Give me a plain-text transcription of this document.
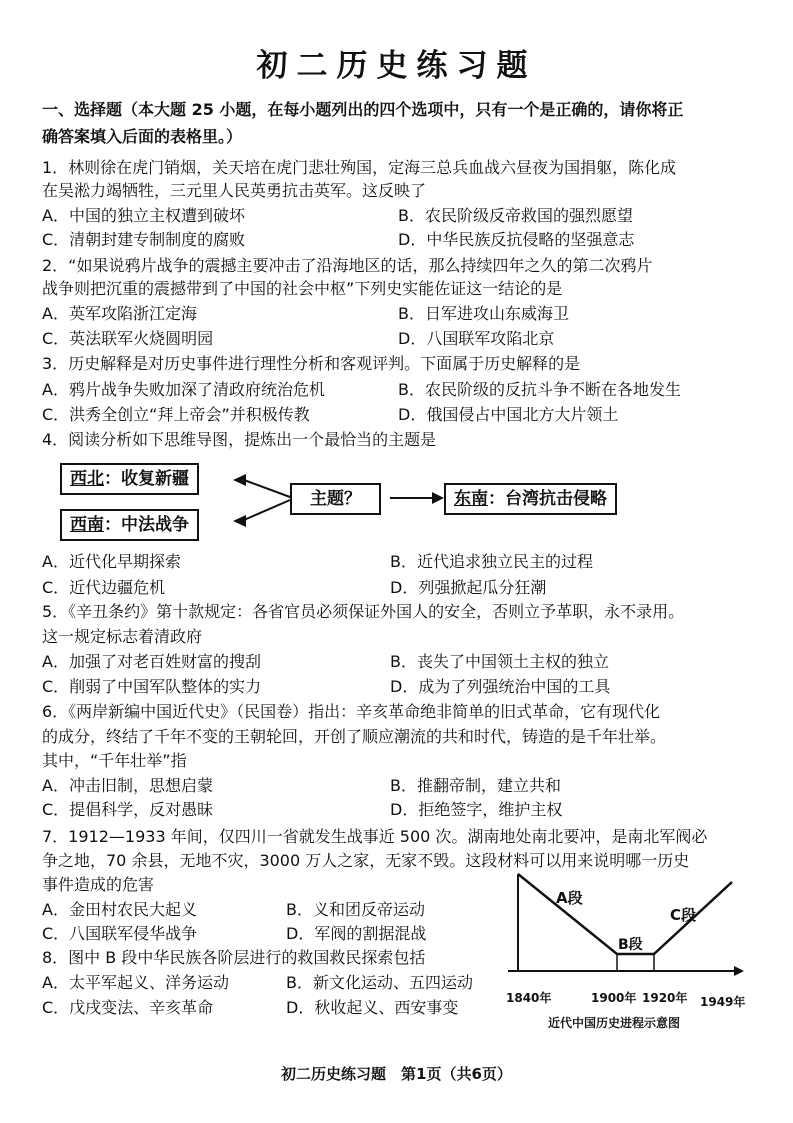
初二历史练习题
一、选择题（本大题 25 小题，在每小题列出的四个选项中，只有一个是正确的，请你将正
确答案填入后面的表格里。）
1．林则徐在虎门销烟，关天培在虎门悲壮殉国，定海三总兵血战六昼夜为国捐躯，陈化成
在吴淞力竭牺牲，三元里人民英勇抗击英军。这反映了
A．中国的独立主权遭到破坏	B．农民阶级反帝救国的强烈愿望
C．清朝封建专制制度的腐败	D．中华民族反抗侵略的坚强意志
2．“如果说鸦片战争的震撼主要冲击了沿海地区的话，那么持续四年之久的第二次鸦片
战争则把沉重的震撼带到了中国的社会中枢”下列史实能佐证这一结论的是
A．英军攻陷浙江定海	B．日军进攻山东威海卫
C．英法联军火烧圆明园	D．八国联军攻陷北京
3．历史解释是对历史事件进行理性分析和客观评判。下面属于历史解释的是
A．鸦片战争失败加深了清政府统治危机	B．农民阶级的反抗斗争不断在各地发生
C．洪秀全创立“拜上帝会”并积极传教	D．俄国侵占中国北方大片领土
4．阅读分析如下思维导图，提炼出一个最恰当的主题是
西北：收复新疆
西南：中法战争
主题？	东南：台湾抗击侵略
A．近代化早期探索	B．近代追求独立民主的过程
C．近代边疆危机	D．列强掀起瓜分狂潮
5．《辛丑条约》第十款规定：各省官员必须保证外国人的安全，否则立予革职，永不录用。
这一规定标志着清政府
A．加强了对老百姓财富的搜刮	B．丧失了中国领土主权的独立
C．削弱了中国军队整体的实力	D．成为了列强统治中国的工具
6．《两岸新编中国近代史》（民国卷）指出：辛亥革命绝非简单的旧式革命，它有现代化
的成分，终结了千年不变的王朝轮回，开创了顺应潮流的共和时代，铸造的是千年壮举。
其中，“千年壮举”指
A．冲击旧制，思想启蒙	B．推翻帝制，建立共和
C．提倡科学，反对愚昧	D．拒绝签字，维护主权
7．1912—1933 年间，仅四川一省就发生战事近 500 次。湖南地处南北要冲，是南北军阀必
争之地，70 余县，无地不灾，3000 万人之家，无家不毁。这段材料可以用来说明哪一历史
事件造成的危害
A．金田村农民大起义	B．义和团反帝运动
C．八国联军侵华战争	D．军阀的割据混战
8．图中 B 段中华民族各阶层进行的救国救民探索包括
A．太平军起义、洋务运动	B．新文化运动、五四运动
C．戊戌变法、辛亥革命	D．秋收起义、西安事变
A段
B段
C段
1840年	1900年 1920年 1949年
近代中国历史进程示意图
初二历史练习题　第1页（共6页）
